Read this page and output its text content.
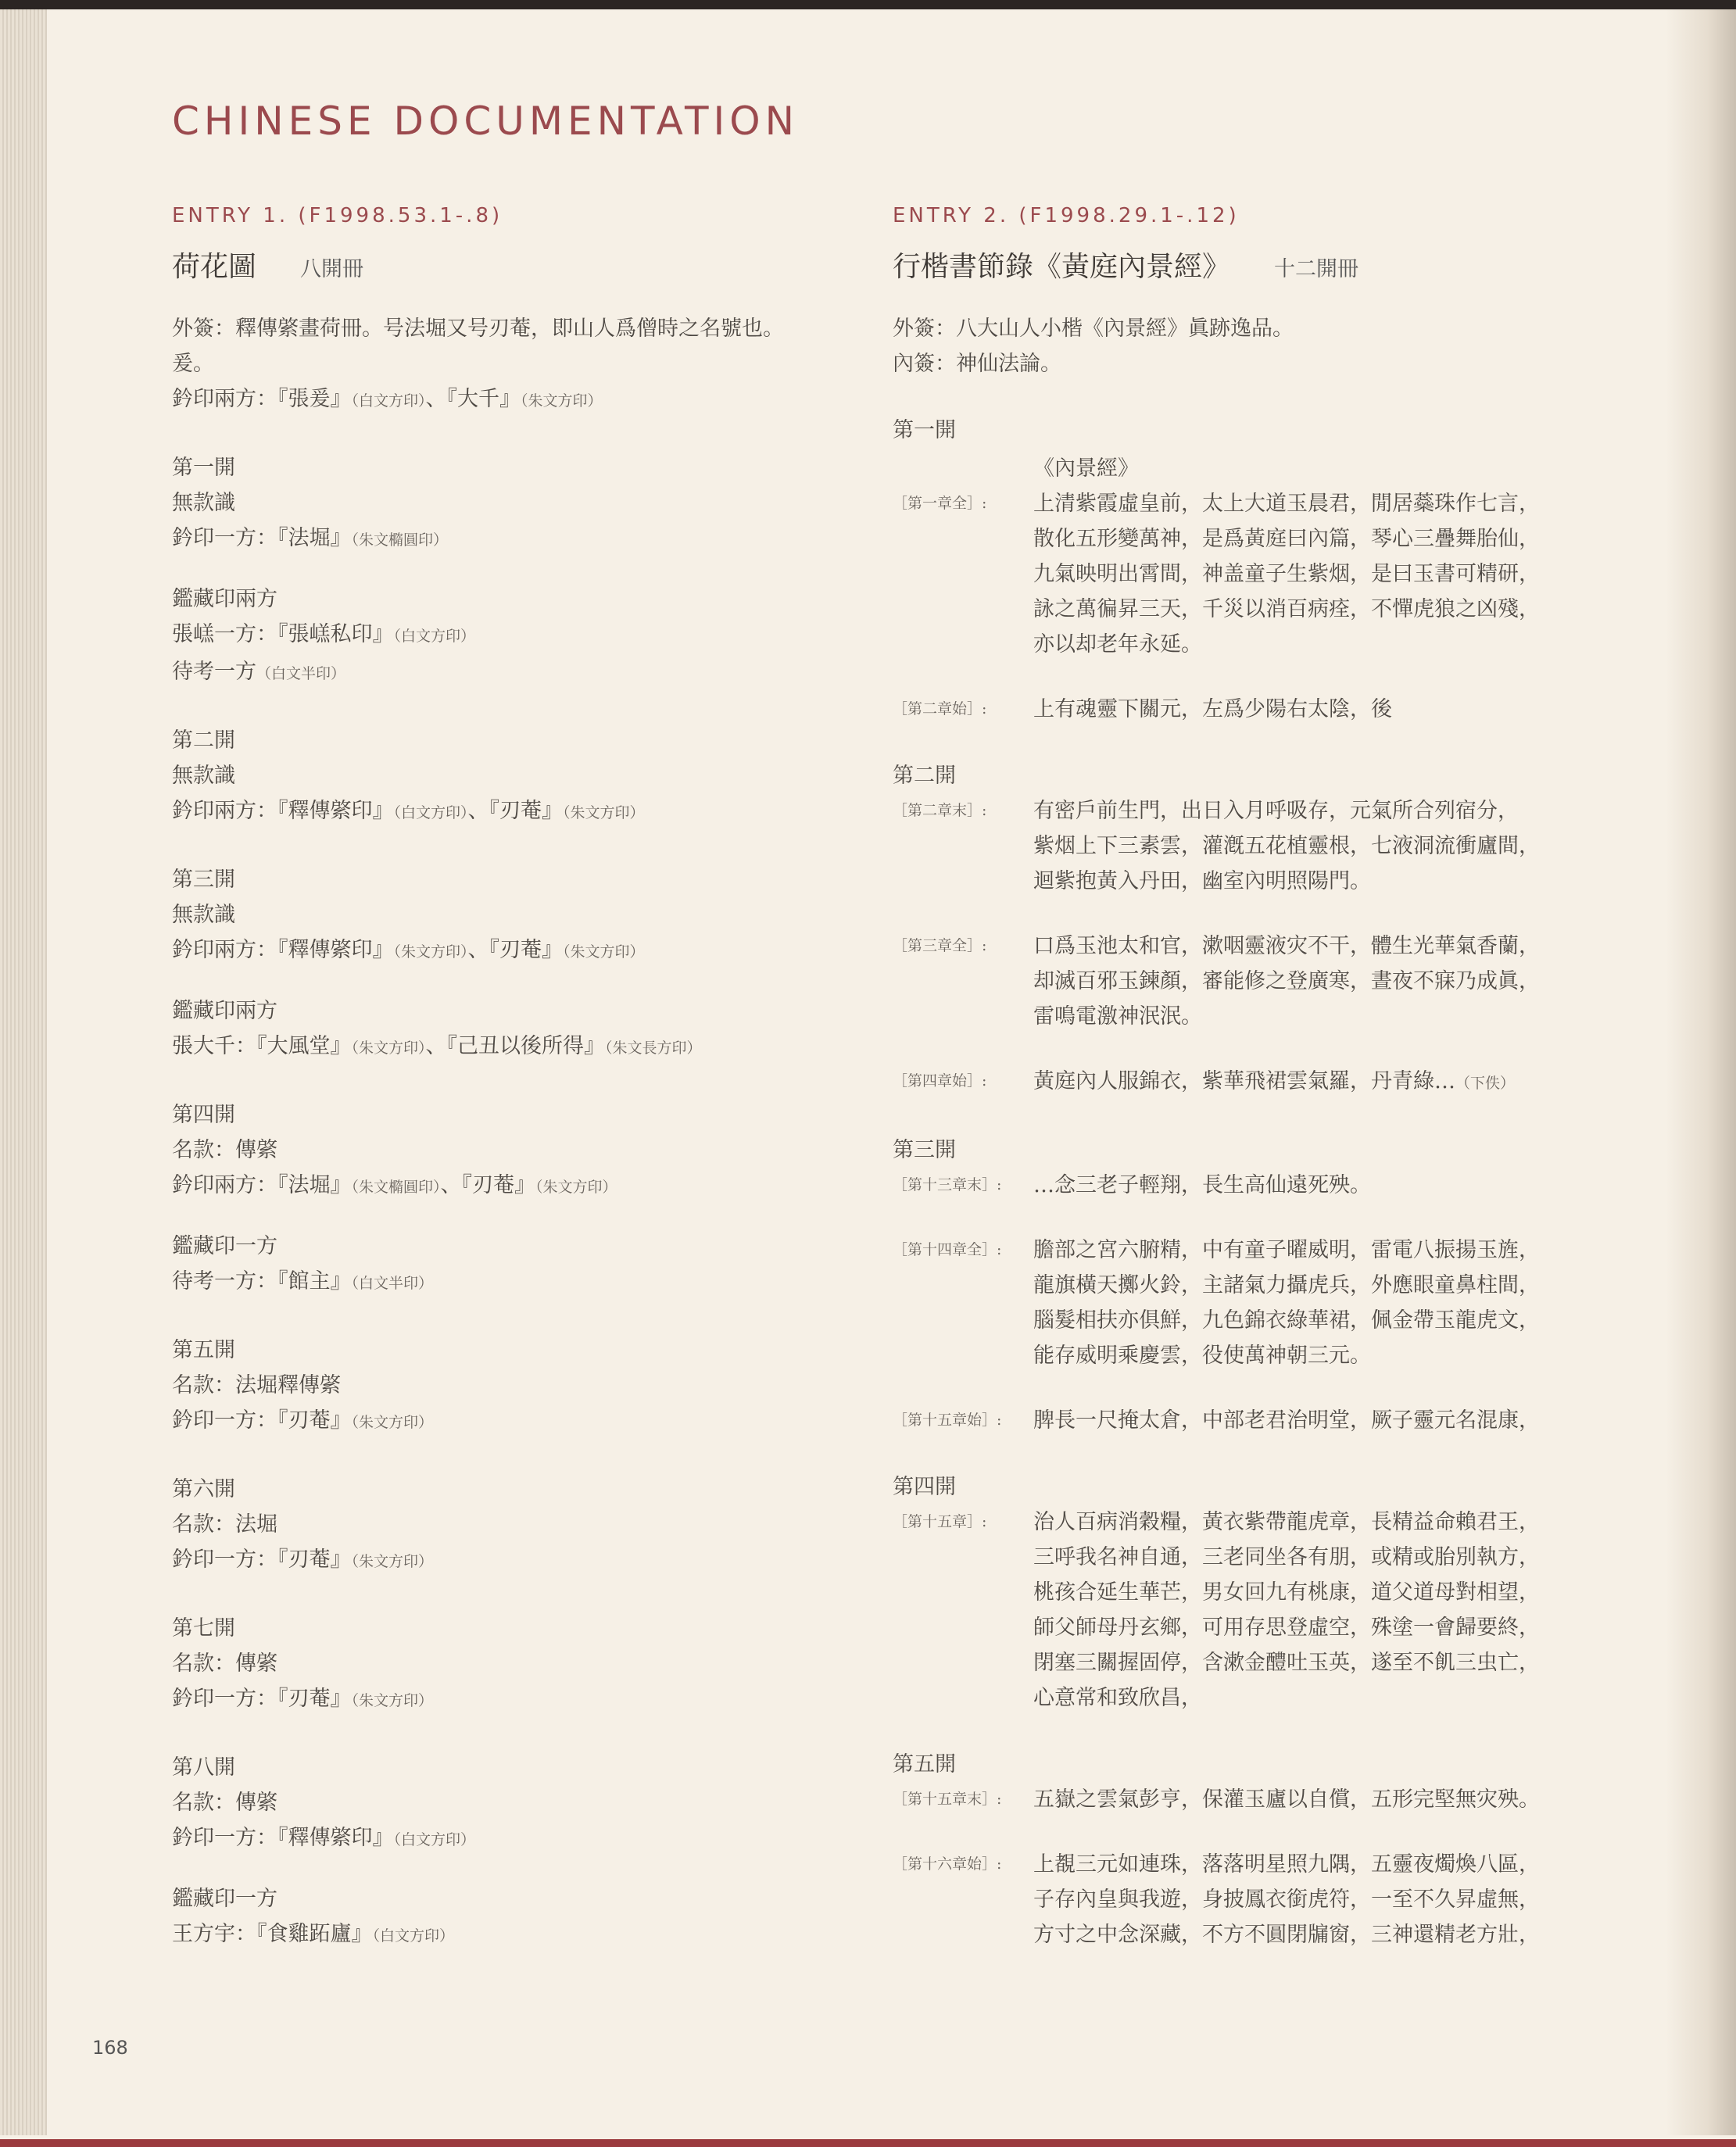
CHINESE DOCUMENTATION
ENTRY 1. (F1998.53.1-.8)
荷花圖 八開冊
外簽：釋傳綮畫荷冊。号法堀又号刃菴，即山人爲僧時之名號也。
爰。
鈐印兩方：『張爰』（白文方印）、『大千』（朱文方印）
第一開
無款識
鈐印一方：『法堀』（朱文橢圓印）
鑑藏印兩方
張㟱一方：『張㟱私印』（白文方印）
待考一方（白文半印）
第二開
無款識
鈐印兩方：『釋傳綮印』（白文方印）、『刃菴』（朱文方印）
第三開
無款識
鈐印兩方：『釋傳綮印』（朱文方印）、『刃菴』（朱文方印）
鑑藏印兩方
張大千：『大風堂』（朱文方印）、『己丑以後所得』（朱文長方印）
第四開
名款：傳綮
鈐印兩方：『法堀』（朱文橢圓印）、『刃菴』（朱文方印）
鑑藏印一方
待考一方：『館主』（白文半印）
第五開
名款：法堀釋傳綮
鈐印一方：『刃菴』（朱文方印）
第六開
名款：法堀
鈐印一方：『刃菴』（朱文方印）
第七開
名款：傳綮
鈐印一方：『刃菴』（朱文方印）
第八開
名款：傳綮
鈐印一方：『釋傳綮印』（白文方印）
鑑藏印一方
王方宇：『食雞跖廬』（白文方印）
ENTRY 2. (F1998.29.1-.12)
行楷書節錄《黃庭內景經》 十二開冊
外簽：八大山人小楷《內景經》眞跡逸品。
內簽：神仙法論。
第一開
《內景經》
［第一章全］:	上清紫霞虛皇前，太上大道玉晨君，閒居蘂珠作七言，
散化五形變萬神，是爲黃庭曰內篇，琴心三疊舞胎仙，
九氣映明出霄間，神盖童子生紫烟，是曰玉書可精研，
詠之萬徧昇三天，千災以消百病痊，不憚虎狼之凶殘，
亦以却老年永延。
［第二章始］:	上有魂靈下關元，左爲少陽右太陰，後
第二開
［第二章末］:	有密戶前生門，出日入月呼吸存，元氣所合列宿分，
紫烟上下三素雲，灌漑五花植靈根，七液洞流衝廬間，
迴紫抱黃入丹田，幽室內明照陽門。
［第三章全］:	口爲玉池太和官，漱咽靈液灾不干，體生光華氣香蘭，
却滅百邪玉鍊顏，審能修之登廣寒，晝夜不寐乃成眞，
雷鳴電激神泯泯。
［第四章始］:	黃庭內人服錦衣，紫華飛裙雲氣羅，丹青綠…（下佚）
第三開
［第十三章末］:	…念三老子輕翔，長生高仙遠死殃。
［第十四章全］:	膽部之宮六腑精，中有童子曜威明，雷電八振揚玉旌，
龍旗橫天擲火鈴，主諸氣力攝虎兵，外應眼童鼻柱間，
腦髮相扶亦俱鮮，九色錦衣綠華裙，佩金帶玉龍虎文，
能存威明乘慶雲，役使萬神朝三元。
［第十五章始］:	脾長一尺掩太倉，中部老君治明堂，厥子靈元名混康，
第四開
［第十五章］:	治人百病消穀糧，黃衣紫帶龍虎章，長精益命賴君王，
三呼我名神自通，三老同坐各有朋，或精或胎別執方，
桃孩合延生華芒，男女回九有桃康，道父道母對相望，
師父師母丹玄鄉，可用存思登虛空，殊塗一會歸要終，
閉塞三關握固停，含漱金醴吐玉英，遂至不飢三虫亡，
心意常和致欣昌，
第五開
［第十五章末］:	五嶽之雲氣彭亨，保灌玉廬以自償，五形完堅無灾殃。
［第十六章始］:	上覩三元如連珠，落落明星照九隅，五靈夜燭煥八區，
子存內皇與我遊，身披鳳衣銜虎符，一至不久昇虛無，
方寸之中念深藏，不方不圓閉牖窗，三神還精老方壯，
168
